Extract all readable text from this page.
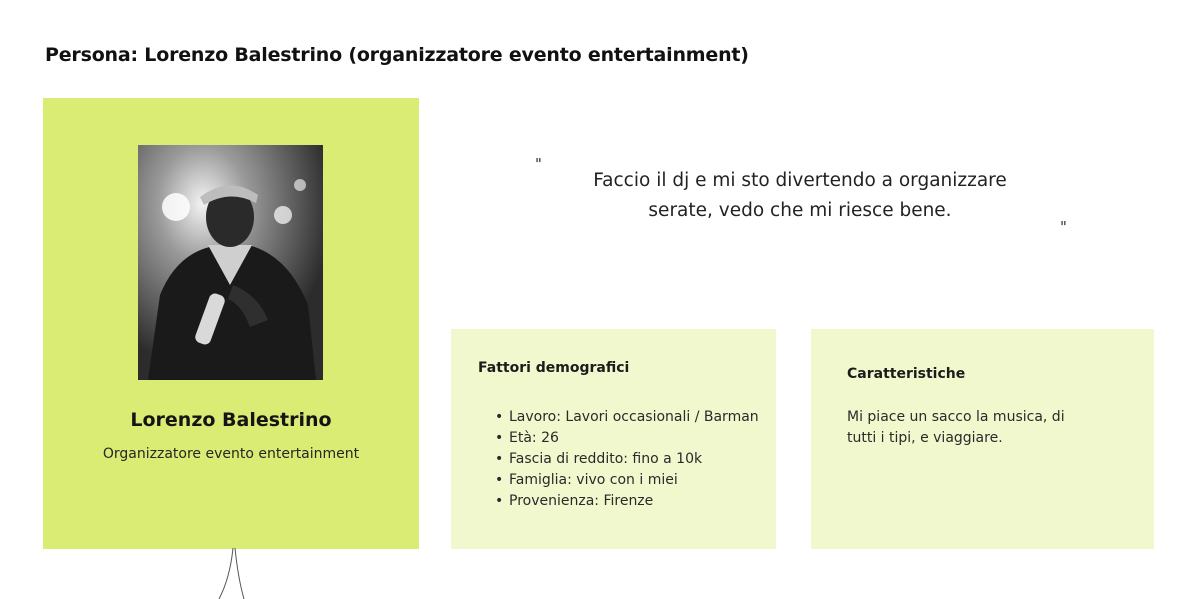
Persona: Lorenzo Balestrino (organizzatore evento entertainment)
Lorenzo Balestrino
Organizzatore evento entertainment
"
Faccio il dj e mi sto divertendo a organizzare
serate, vedo che mi riesce bene.
"
Fattori demografici
• Lavoro: Lavori occasionali / Barman
• Età: 26
• Fascia di reddito: fino a 10k
• Famiglia: vivo con i miei
• Provenienza: Firenze
Caratteristiche
Mi piace un sacco la musica, di
tutti i tipi, e viaggiare.
